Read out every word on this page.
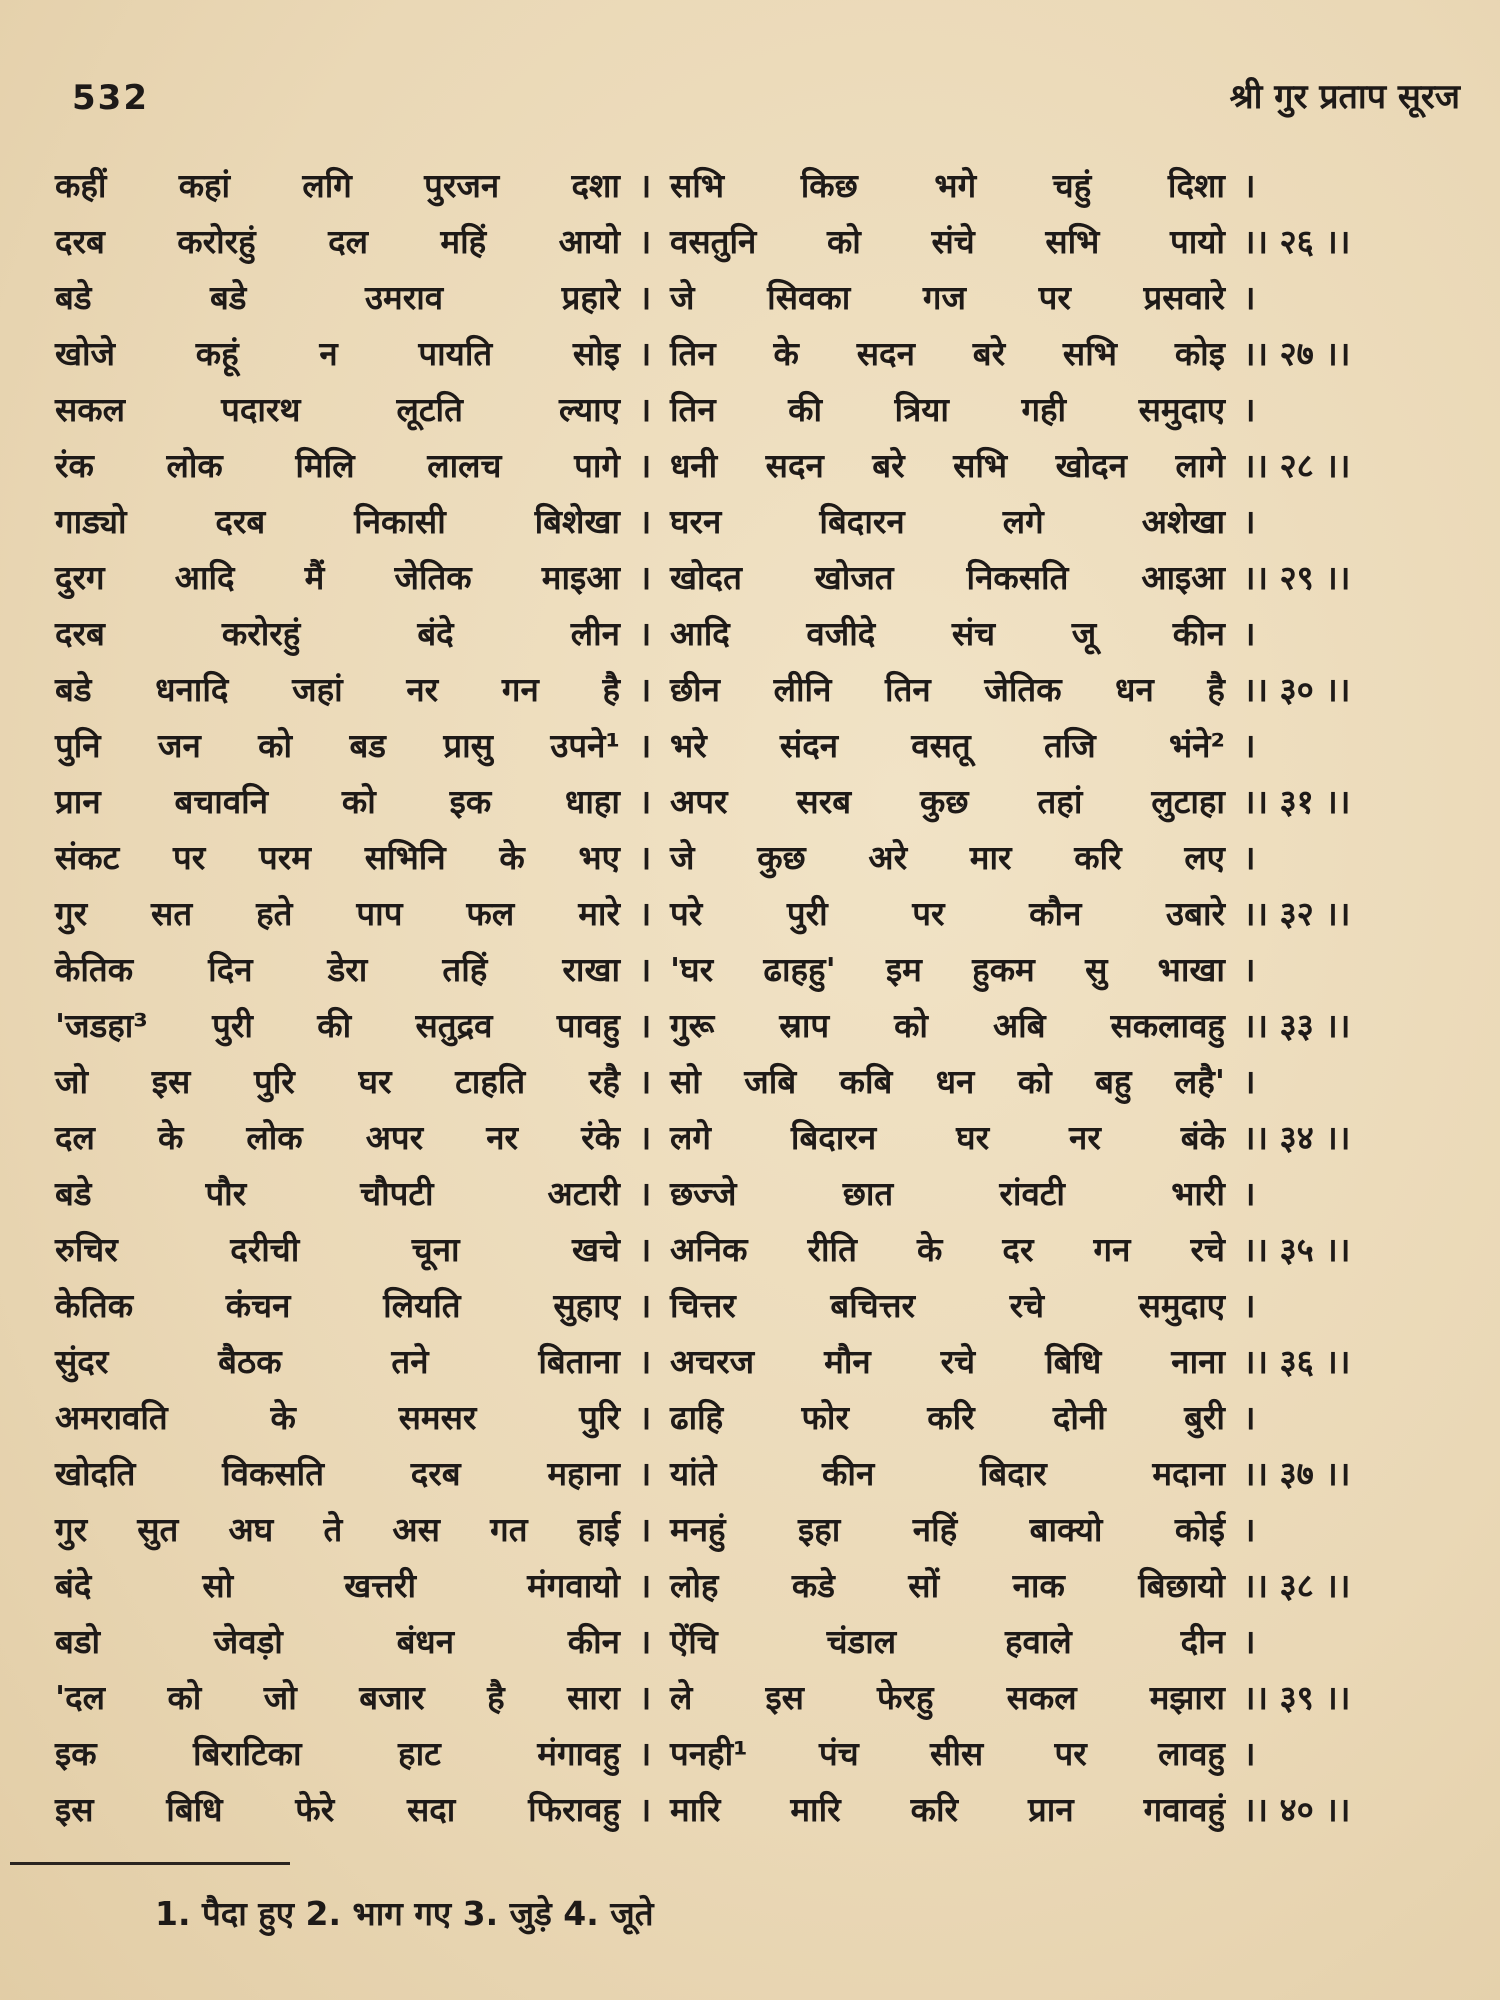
532	श्री गुर प्रताप सूरज
कहीं कहां लगि पुरजन दशा । सभि किछ भगे चहुं दिशा ।
दरब करोरहुं दल महिं आयो । वसतुनि को संचे सभि पायो ।। २६ ।।
बडे	बडे	उमराव	प्रहारे । जे सिवका गज पर प्रसवारे ।
खोजे कहूं न पायति सोइ । तिन के सदन बरे सभि कोइ ।। २७ ।।
सकल	पदारथ	लूटति	ल्याए । तिन की त्रिया गही समुदाए ।
रंक लोक मिलि लालच पागे । धनी सदन बरे सभि खोदन लागे ।। २८ ।।
गाड्यो	दरब	निकासी	बिशेखा । घरन	बिदारन	लगे	अशेखा ।
दुरग आदि मैं जेतिक माइआ । खोदत खोजत निकसति आइआ ।। २९ ।।
दरब	करोरहुं	बंदे	लीन । आदि वजीदे संच जू कीन ।
बडे धनादि जहां नर गन है । छीन लीनि तिन जेतिक धन है ।। ३० ।।
पुनि जन को बड प्रासु उपने¹ । भरे संदन वसतू तजि भंने² ।
प्रान बचावनि को इक धाहा । अपर सरब कुछ तहां लुटाहा ।। ३१ ।।
संकट पर परम सभिनि के भए । जे कुछ अरे मार करि लए ।
गुर सत हते पाप फल मारे । परे	पुरी	पर	कौन	उबारे ।। ३२ ।।
केतिक दिन डेरा तहिं राखा । 'घर ढाहहु' इम हुकम सु भाखा ।
'जडहा³ पुरी की सतुद्रव पावहु । गुरू स्राप को अबि सकलावहु ।। ३३ ।।
जो इस पुरि घर टाहति रहै । सो जबि कबि धन को बहु लहै' ।
दल के लोक अपर नर रंके । लगे बिदारन घर नर बंके ।। ३४ ।।
बडे	पौर	चौपटी	अटारी । छज्जे	छात	रांवटी	भारी ।
रुचिर	दरीची	चूना	खचे । अनिक रीति के दर गन रचे ।। ३५ ।।
केतिक	कंचन	लियति	सुहाए । चित्तर	बचित्तर	रचे	समुदाए ।
सुंदर	बैठक	तने	बिताना । अचरज मौन रचे बिधि नाना ।। ३६ ।।
अमरावति	के	समसर	पुरि । ढाहि फोर करि दोनी बुरी ।
खोदति	विकसति	दरब	महाना । यांते	कीन	बिदार	मदाना ।। ३७ ।।
गुर सुत अघ ते अस गत हाई । मनहुं इहा नहिं बाक्यो कोई ।
बंदे	सो	खत्तरी	मंगवायो । लोह कडे सों नाक बिछायो ।। ३८ ।।
बडो	जेवड़ो	बंधन	कीन । ऐंचि	चंडाल	हवाले	दीन ।
'दल को जो बजार है सारा । ले इस फेरहु सकल मझारा ।। ३९ ।।
इक	बिराटिका	हाट	मंगावहु । पनही¹ पंच सीस पर लावहु ।
इस बिधि फेरे सदा फिरावहु । मारि मारि करि प्रान गवावहुं ।। ४० ।।
1. पैदा हुए 2. भाग गए 3. जुड़े 4. जूते
